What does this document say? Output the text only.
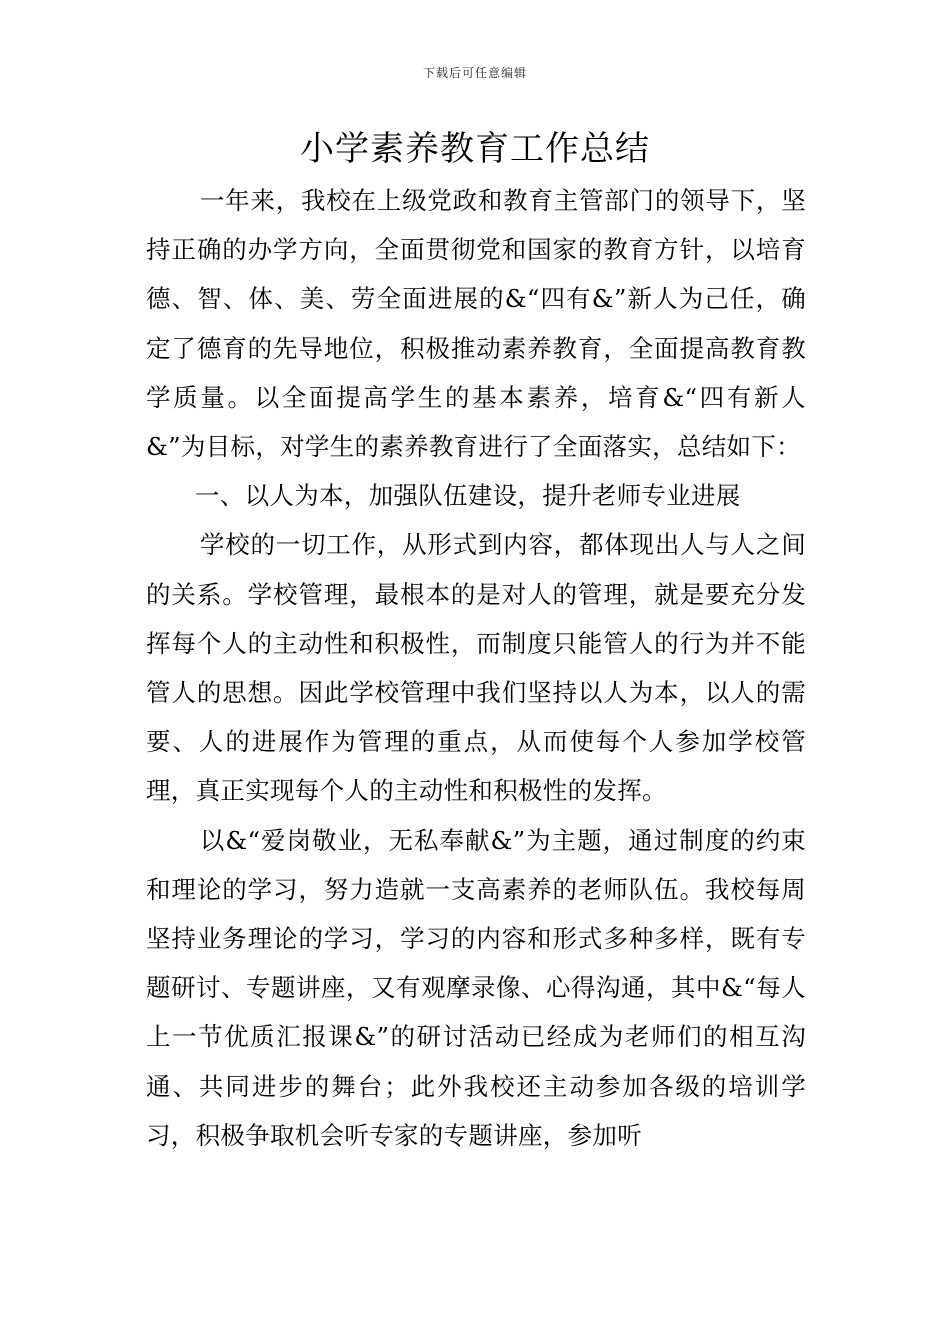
下载后可任意编辑
小学素养教育工作总结

一年来，我校在上级党政和教育主管部门的领导下，坚持正确的办学方向，全面贯彻党和国家的教育方针，以培育德、智、体、美、劳全面进展的&“四有&”新人为己任，确定了德育的先导地位，积极推动素养教育，全面提高教育教学质量。以全面提高学生的基本素养，培育&“四有新人&”为目标，对学生的素养教育进行了全面落实，总结如下：

一、以人为本，加强队伍建设，提升老师专业进展

学校的一切工作，从形式到内容，都体现出人与人之间的关系。学校管理，最根本的是对人的管理，就是要充分发挥每个人的主动性和积极性，而制度只能管人的行为并不能管人的思想。因此学校管理中我们坚持以人为本，以人的需要、人的进展作为管理的重点，从而使每个人参加学校管理，真正实现每个人的主动性和积极性的发挥。

以&“爱岗敬业，无私奉献&”为主题，通过制度的约束和理论的学习，努力造就一支高素养的老师队伍。我校每周坚持业务理论的学习，学习的内容和形式多种多样，既有专题研讨、专题讲座，又有观摩录像、心得沟通，其中&“每人上一节优质汇报课&”的研讨活动已经成为老师们的相互沟通、共同进步的舞台；此外我校还主动参加各级的培训学习，积极争取机会听专家的专题讲座，参加听
